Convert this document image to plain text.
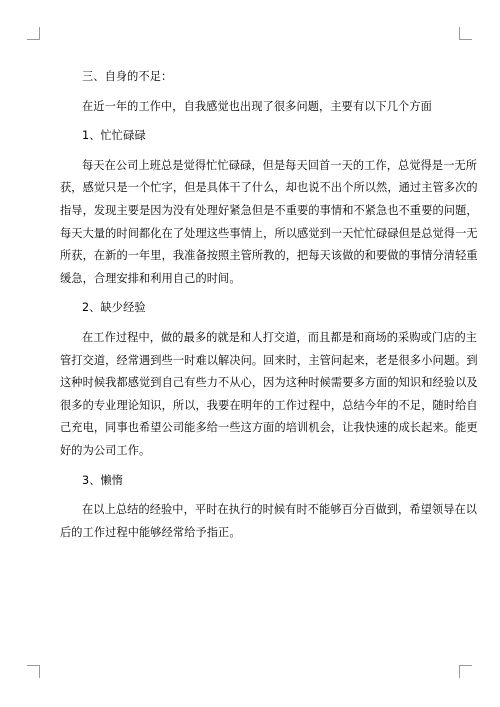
三、自身的不足：
在近一年的工作中，自我感觉也出现了很多问题，主要有以下几个方面
1、忙忙碌碌
每天在公司上班总是觉得忙忙碌碌，但是每天回首一天的工作，总觉得是一无所
获，感觉只是一个忙字，但是具体干了什么，却也说不出个所以然，通过主管多次的
指导，发现主要是因为没有处理好紧急但是不重要的事情和不紧急也不重要的问题，
每天大量的时间都化在了处理这些事情上，所以感觉到一天忙忙碌碌但是总觉得一无
所获，在新的一年里，我准备按照主管所教的，把每天该做的和要做的事情分清轻重
缓急，合理安排和利用自己的时间。
2、缺少经验
在工作过程中，做的最多的就是和人打交道，而且都是和商场的采购或门店的主
管打交道，经常遇到些一时难以解决问。回来时，主管问起来，老是很多小问题。到
这种时候我都感觉到自己有些力不从心，因为这种时候需要多方面的知识和经验以及
很多的专业理论知识，所以，我要在明年的工作过程中，总结今年的不足，随时给自
己充电，同事也希望公司能多给一些这方面的培训机会，让我快速的成长起来。能更
好的为公司工作。
3、懒惰
在以上总结的经验中，平时在执行的时候有时不能够百分百做到，希望领导在以
后的工作过程中能够经常给予指正。
